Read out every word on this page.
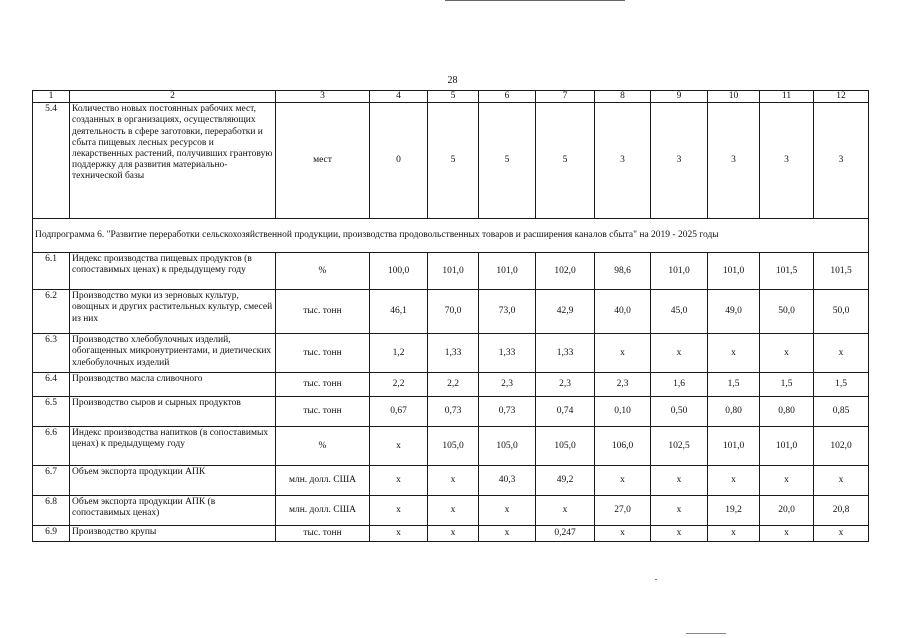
28
1	2	3	4	5	6	7	8	9	10	11	12
5.4	Количество новых постоянных рабочих мест, созданных в организациях, осуществляющих деятельность в сфере заготовки, переработки и сбыта пищевых лесных ресурсов и лекарственных растений, получивших грантовую поддержку для развития материально-технической базы	мест	0	5	5	5	3	3	3	3	3
Подпрограмма 6. "Развитие переработки сельскохозяйственной продукции, производства продовольственных товаров и расширения каналов сбыта" на 2019 - 2025 годы											
6.1	Индекс производства пищевых продуктов (в сопоставимых ценах) к предыдущему году	%	100,0	101,0	101,0	102,0	98,6	101,0	101,0	101,5	101,5
6.2	Производство муки из зерновых культур, овощных и других растительных культур, смесей из них	тыс. тонн	46,1	70,0	73,0	42,9	40,0	45,0	49,0	50,0	50,0
6.3	Производство хлебобулочных изделий, обогащенных микронутриентами, и диетических хлебобулочных изделий	тыс. тонн	1,2	1,33	1,33	1,33	х	х	х	х	х
6.4	Производство масла сливочного	тыс. тонн	2,2	2,2	2,3	2,3	2,3	1,6	1,5	1,5	1,5
6.5	Производство сыров и сырных продуктов	тыс. тонн	0,67	0,73	0,73	0,74	0,10	0,50	0,80	0,80	0,85
6.6	Индекс производства напитков (в сопоставимых ценах) к предыдущему году	%	х	105,0	105,0	105,0	106,0	102,5	101,0	101,0	102,0
6.7	Объем экспорта продукции АПК	млн. долл. США	х	х	40,3	49,2	х	х	х	х	х
6.8	Объем экспорта продукции АПК (в сопоставимых ценах)	млн. долл. США	х	х	х	х	27,0	х	19,2	20,0	20,8
6.9	Производство крупы	тыс. тонн	х	х	х	0,247	х	х	х	х	х
